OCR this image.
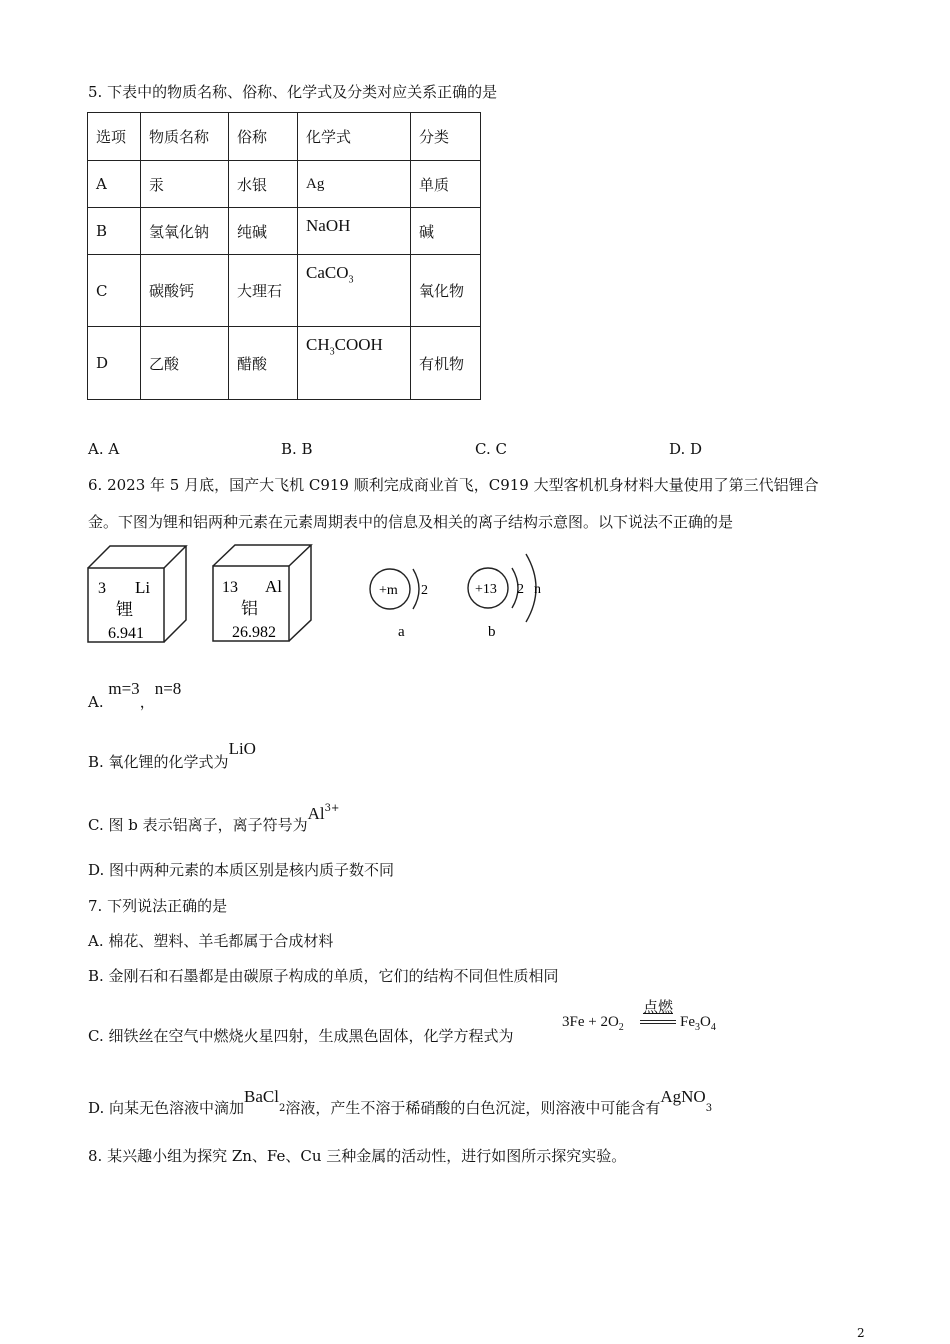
5. 下表中的物质名称、俗称、化学式及分类对应关系正确的是
选项	物质名称	俗称	化学式	分类
A	汞	水银	Ag	单质
B	氢氧化钠	纯碱	NaOH	碱
C	碳酸钙	大理石	CaCO$_3$	氧化物
D	乙酸	醋酸	$CH_3COOH$	有机物
A. A	B. B	C. C	D. D
6. 2023 年 5 月底，国产大飞机 C919 顺利完成商业首飞，C919 大型客机机身材料大量使用了第三代铝锂合
金。下图为锂和铝两种元素在元素周期表中的信息及相关的离子结构示意图。以下说法不正确的是
3 Li
锂
6.941
13 Al
铝
26.982
+m 2
a
+13 2 n
b
A. m=3，n=8
B. 氧化锂的化学式为LiO
C. 图 b 表示铝离子，离子符号为$Al^{3+}$
D. 图中两种元素的本质区别是核内质子数不同
7. 下列说法正确的是
A. 棉花、塑料、羊毛都属于合成材料
B. 金刚石和石墨都是由碳原子构成的单质，它们的结构不同但性质相同
C. 细铁丝在空气中燃烧火星四射，生成黑色固体，化学方程式为
$3Fe + 2O_2$
点燃
$Fe_3O_4$
D. 向某无色溶液中滴加BaCl$_2$溶液，产生不溶于稀硝酸的白色沉淀，则溶液中可能含有AgNO$_3$
8. 某兴趣小组为探究 Zn、Fe、Cu 三种金属的活动性，进行如图所示探究实验。
2
